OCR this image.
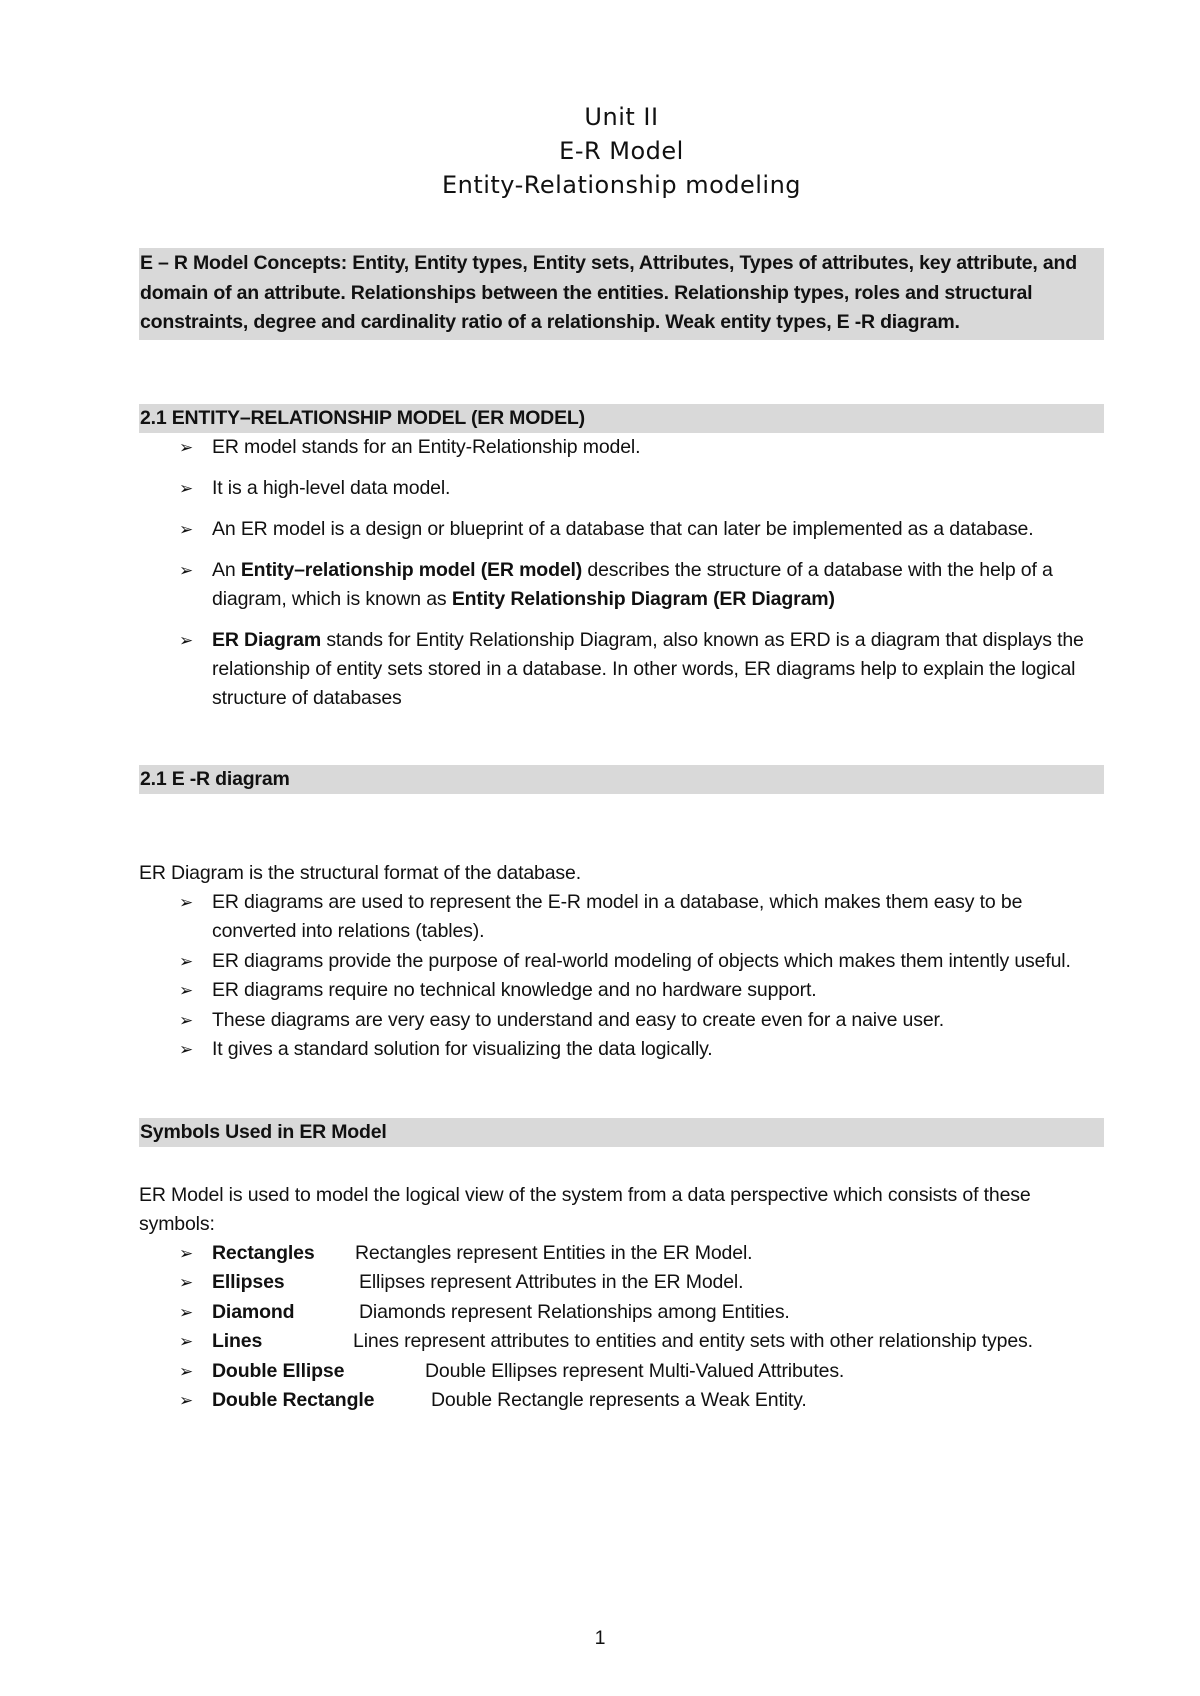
Unit II
E-R Model
Entity-Relationship modeling
E – R Model Concepts: Entity, Entity types, Entity sets, Attributes, Types of attributes, key attribute, and domain of an attribute. Relationships between the entities. Relationship types, roles and structural constraints, degree and cardinality ratio of a relationship. Weak entity types, E -R diagram.
2.1 ENTITY–RELATIONSHIP MODEL (ER MODEL)
➢ ER model stands for an Entity-Relationship model.
➢ It is a high-level data model.
➢ An ER model is a design or blueprint of a database that can later be implemented as a database.
➢ An Entity–relationship model (ER model) describes the structure of a database with the help of a diagram, which is known as Entity Relationship Diagram (ER Diagram)
➢ ER Diagram stands for Entity Relationship Diagram, also known as ERD is a diagram that displays the relationship of entity sets stored in a database. In other words, ER diagrams help to explain the logical structure of databases
2.1 E -R diagram
ER Diagram is the structural format of the database.
➢ ER diagrams are used to represent the E-R model in a database, which makes them easy to be converted into relations (tables).
➢ ER diagrams provide the purpose of real-world modeling of objects which makes them intently useful.
➢ ER diagrams require no technical knowledge and no hardware support.
➢ These diagrams are very easy to understand and easy to create even for a naive user.
➢ It gives a standard solution for visualizing the data logically.
Symbols Used in ER Model
ER Model is used to model the logical view of the system from a data perspective which consists of these symbols:
➢ Rectangles Rectangles represent Entities in the ER Model.
➢ Ellipses	Ellipses represent Attributes in the ER Model.
➢ Diamond	Diamonds represent Relationships among Entities.
➢ Lines	Lines represent attributes to entities and entity sets with other relationship types.
➢ Double Ellipse	Double Ellipses represent Multi-Valued Attributes.
➢ Double Rectangle	Double Rectangle represents a Weak Entity.
1
